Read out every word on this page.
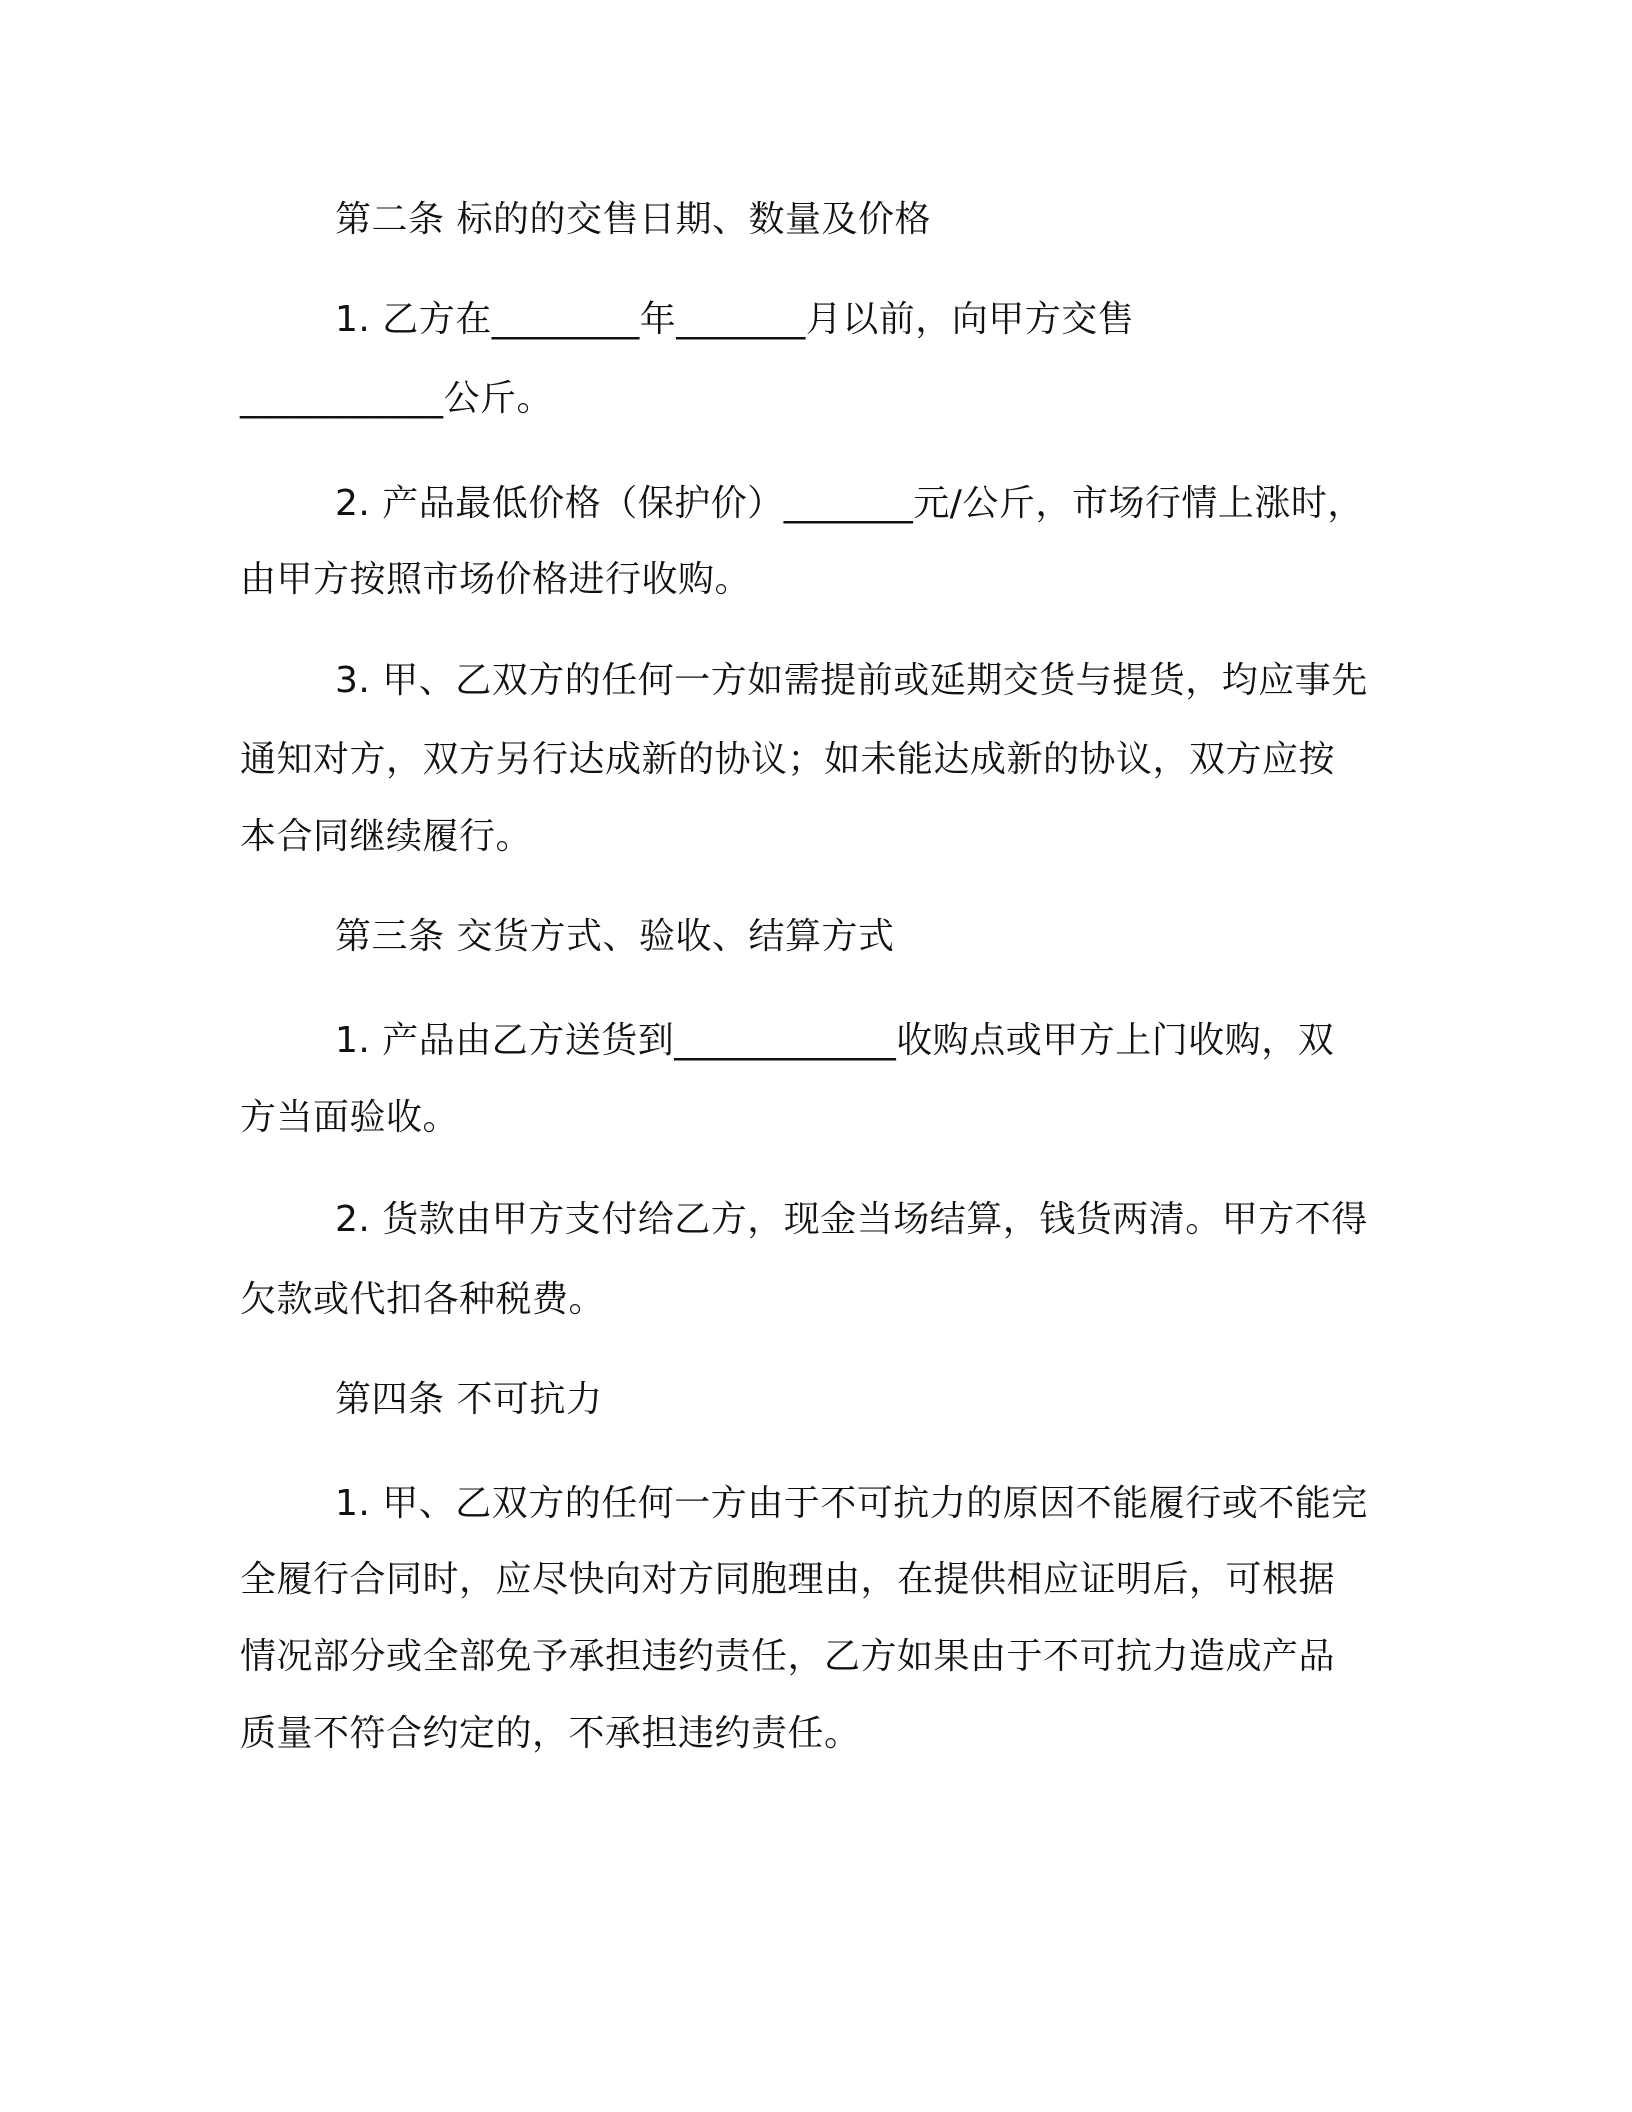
第二条 标的的交售日期、数量及价格
1. 乙方在________年_______月以前，向甲方交售
___________公斤。
2. 产品最低价格（保护价）_______元/公斤，市场行情上涨时，
由甲方按照市场价格进行收购。
3. 甲、乙双方的任何一方如需提前或延期交货与提货，均应事先
通知对方，双方另行达成新的协议；如未能达成新的协议，双方应按
本合同继续履行。
第三条 交货方式、验收、结算方式
1. 产品由乙方送货到____________收购点或甲方上门收购，双
方当面验收。
2. 货款由甲方支付给乙方，现金当场结算，钱货两清。甲方不得
欠款或代扣各种税费。
第四条 不可抗力
1. 甲、乙双方的任何一方由于不可抗力的原因不能履行或不能完
全履行合同时，应尽快向对方同胞理由，在提供相应证明后，可根据
情况部分或全部免予承担违约责任，乙方如果由于不可抗力造成产品
质量不符合约定的，不承担违约责任。
